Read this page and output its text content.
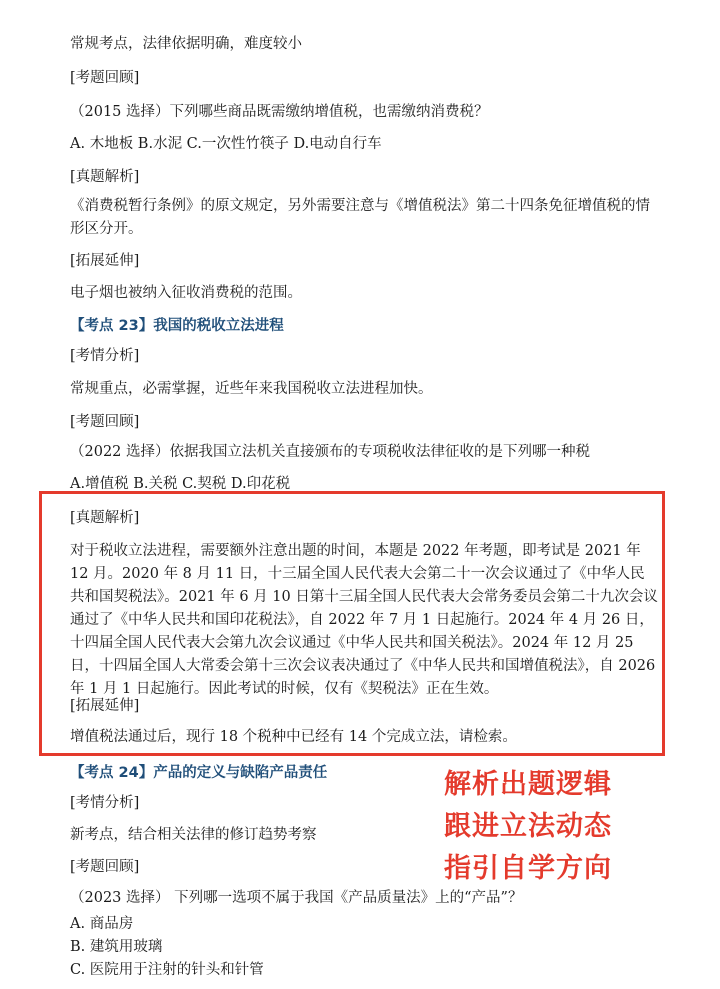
常规考点，法律依据明确，难度较小

[考题回顾]

（2015 选择）下列哪些商品既需缴纳增值税，也需缴纳消费税？

A. 木地板 B.水泥 C.一次性竹筷子 D.电动自行车

[真题解析]

《消费税暂行条例》的原文规定，另外需要注意与《增值税法》第二十四条免征增值税的情形区分开。

[拓展延伸]

电子烟也被纳入征收消费税的范围。

【考点 23】我国的税收立法进程

[考情分析]

常规重点，必需掌握，近些年来我国税收立法进程加快。

[考题回顾]

（2022 选择）依据我国立法机关直接颁布的专项税收法律征收的是下列哪一种税

A.增值税 B.关税 C.契税 D.印花税

[真题解析]

对于税收立法进程，需要额外注意出题的时间，本题是 2022 年考题，即考试是 2021 年 12 月。2020 年 8 月 11 日，十三届全国人民代表大会第二十一次会议通过了《中华人民共和国契税法》。2021 年 6 月 10 日第十三届全国人民代表大会常务委员会第二十九次会议通过了《中华人民共和国印花税法》，自 2022 年 7 月 1 日起施行。2024 年 4 月 26 日，十四届全国人民代表大会第九次会议通过《中华人民共和国关税法》。2024 年 12 月 25 日，十四届全国人大常委会第十三次会议表决通过了《中华人民共和国增值税法》，自 2026 年 1 月 1 日起施行。因此考试的时候，仅有《契税法》正在生效。

[拓展延伸]

增值税法通过后，现行 18 个税种中已经有 14 个完成立法，请检索。

【考点 24】产品的定义与缺陷产品责任

[考情分析]

新考点，结合相关法律的修订趋势考察

[考题回顾]

（2023 选择） 下列哪一选项不属于我国《产品质量法》上的“产品”？

A. 商品房

B. 建筑用玻璃

C. 医院用于注射的针头和针管

解析出题逻辑
跟进立法动态
指引自学方向
